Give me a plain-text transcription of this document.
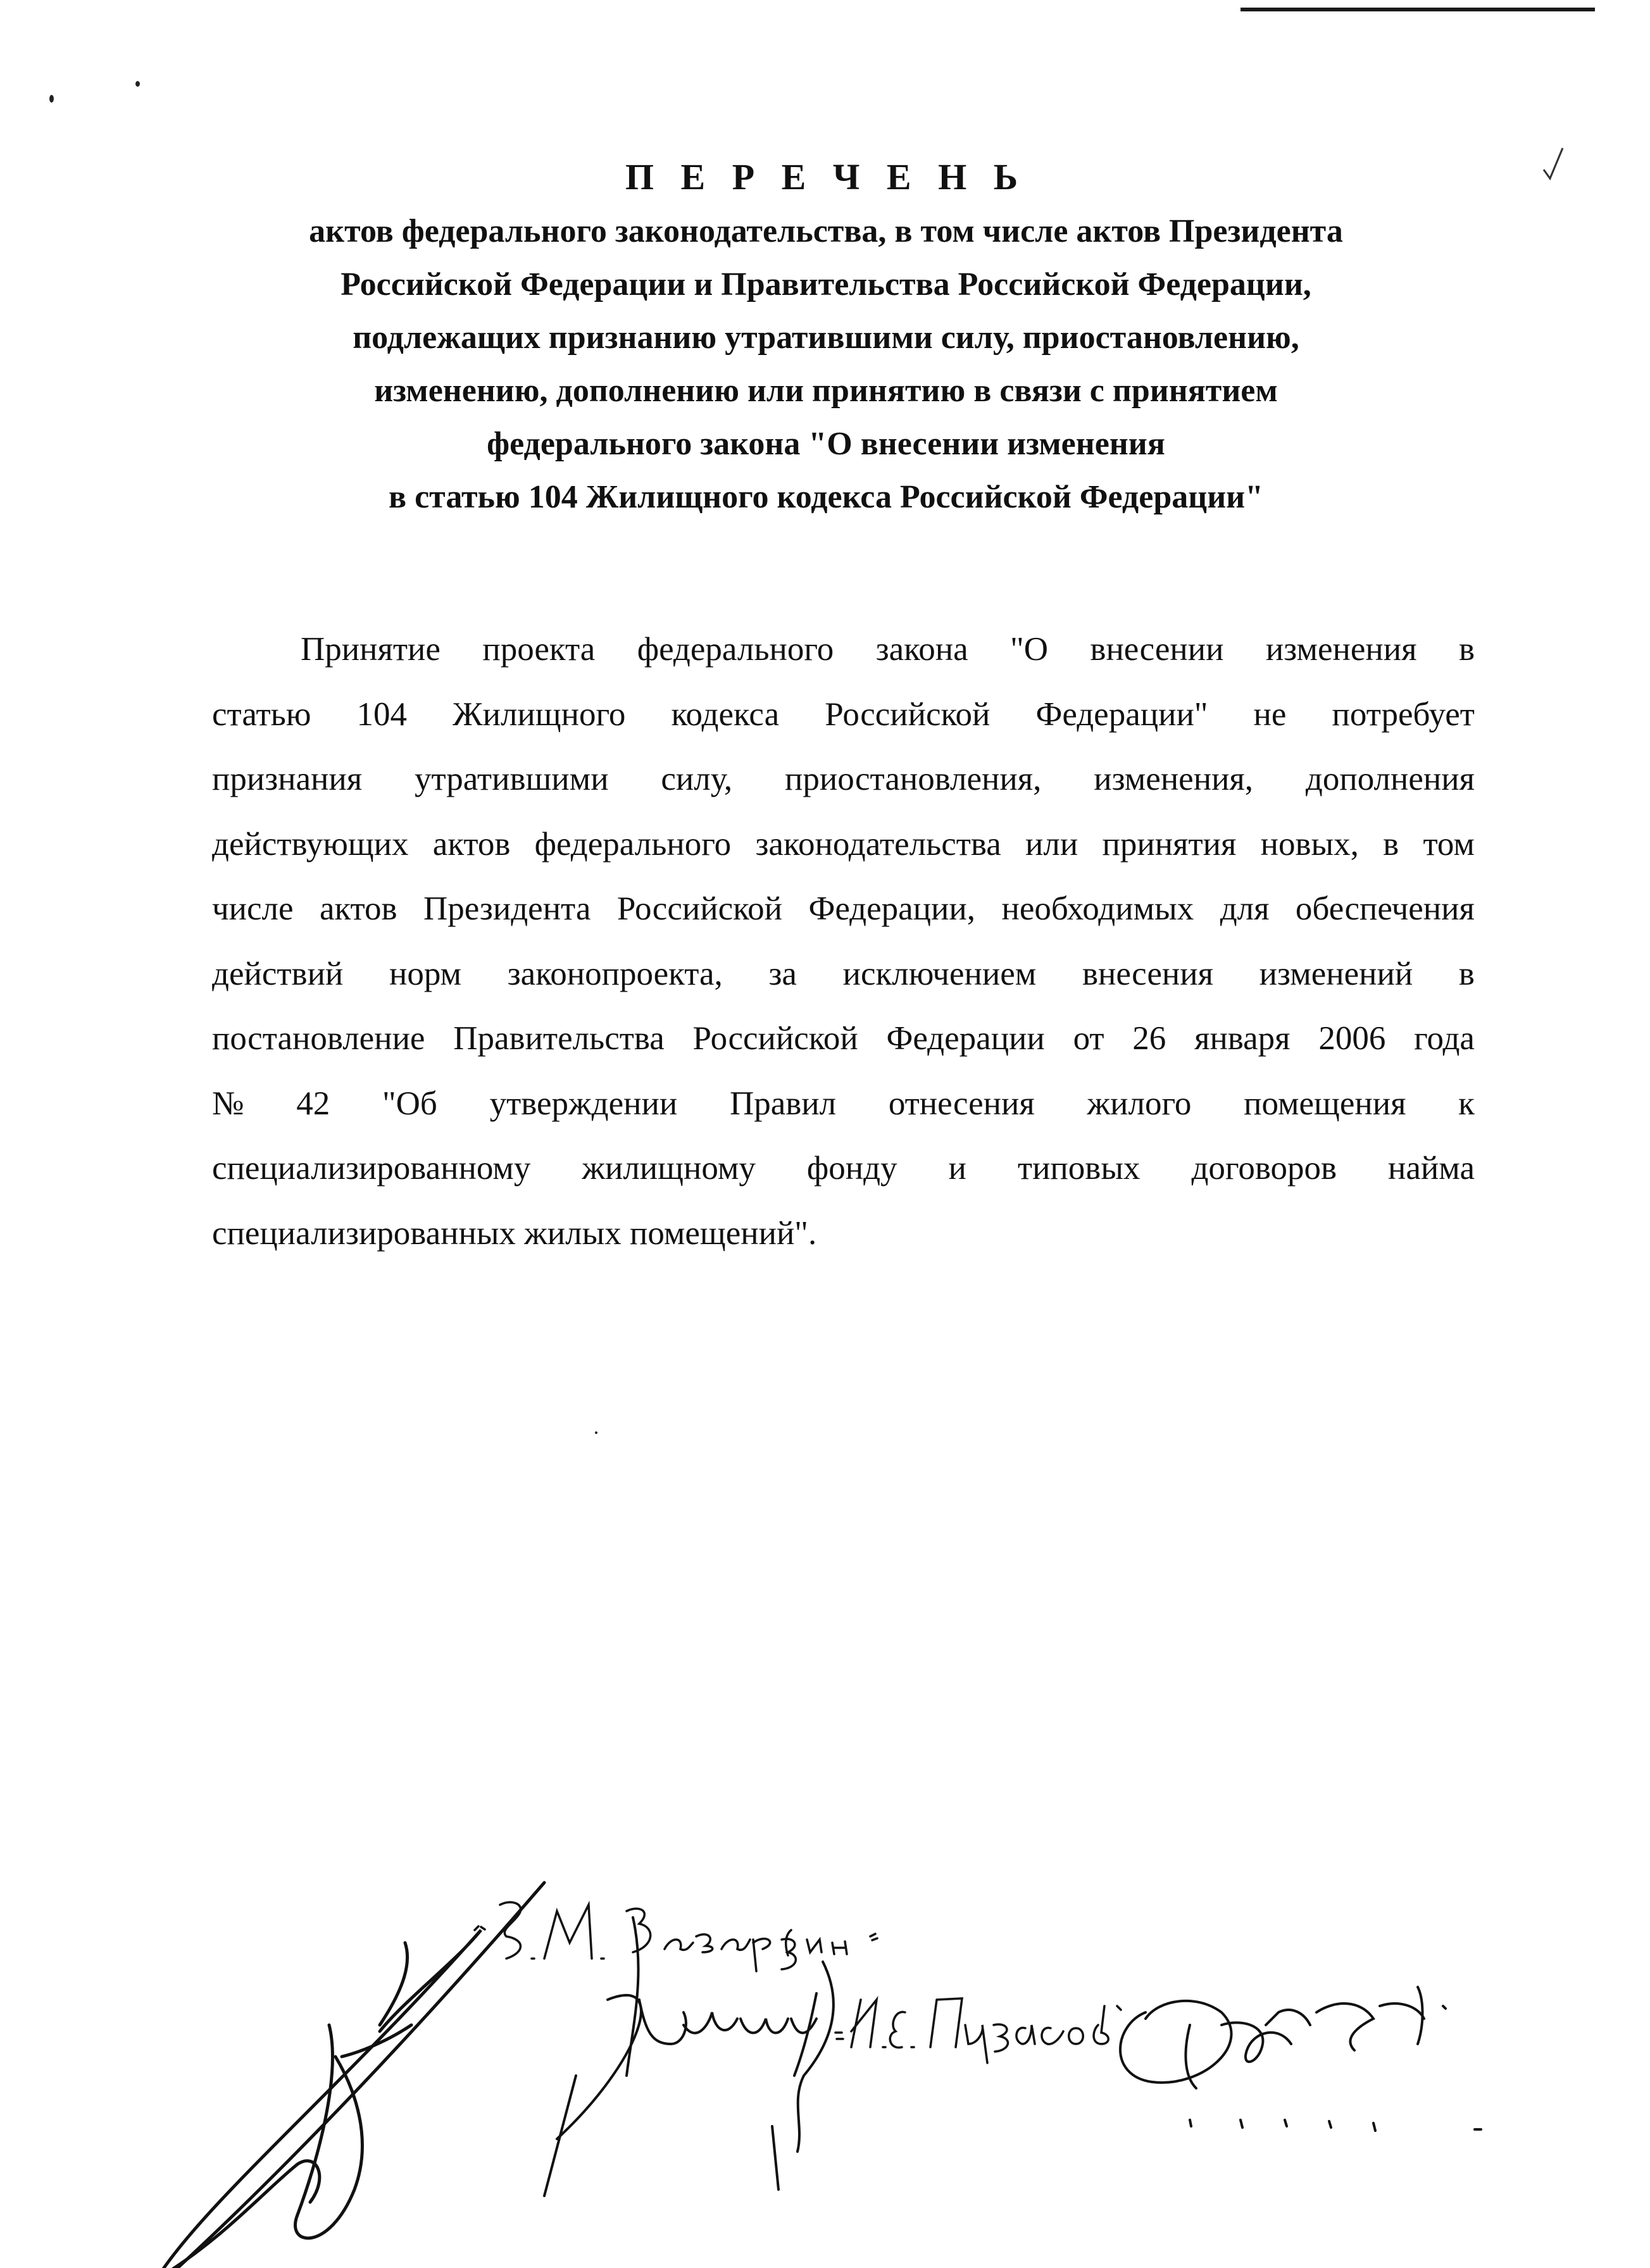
П Е Р Е Ч Е Н Ь
актов федерального законодательства, в том числе актов Президента
Российской Федерации и Правительства Российской Федерации,
подлежащих признанию утратившими силу, приостановлению,
изменению, дополнению или принятию в связи с принятием
федерального закона "О внесении изменения
в статью 104 Жилищного кодекса Российской Федерации"
Принятие проекта федерального закона "О внесении изменения в
статью 104 Жилищного кодекса Российской Федерации" не потребует
признания утратившими силу, приостановления, изменения, дополнения
действующих актов федерального законодательства или принятия новых, в том
числе актов Президента Российской Федерации, необходимых для обеспечения
действий норм законопроекта, за исключением внесения изменений в
постановление Правительства Российской Федерации от 26 января 2006 года
№ 42 "Об утверждении Правил отнесения жилого помещения к
специализированному жилищному фонду и типовых договоров найма
специализированных жилых помещений".
